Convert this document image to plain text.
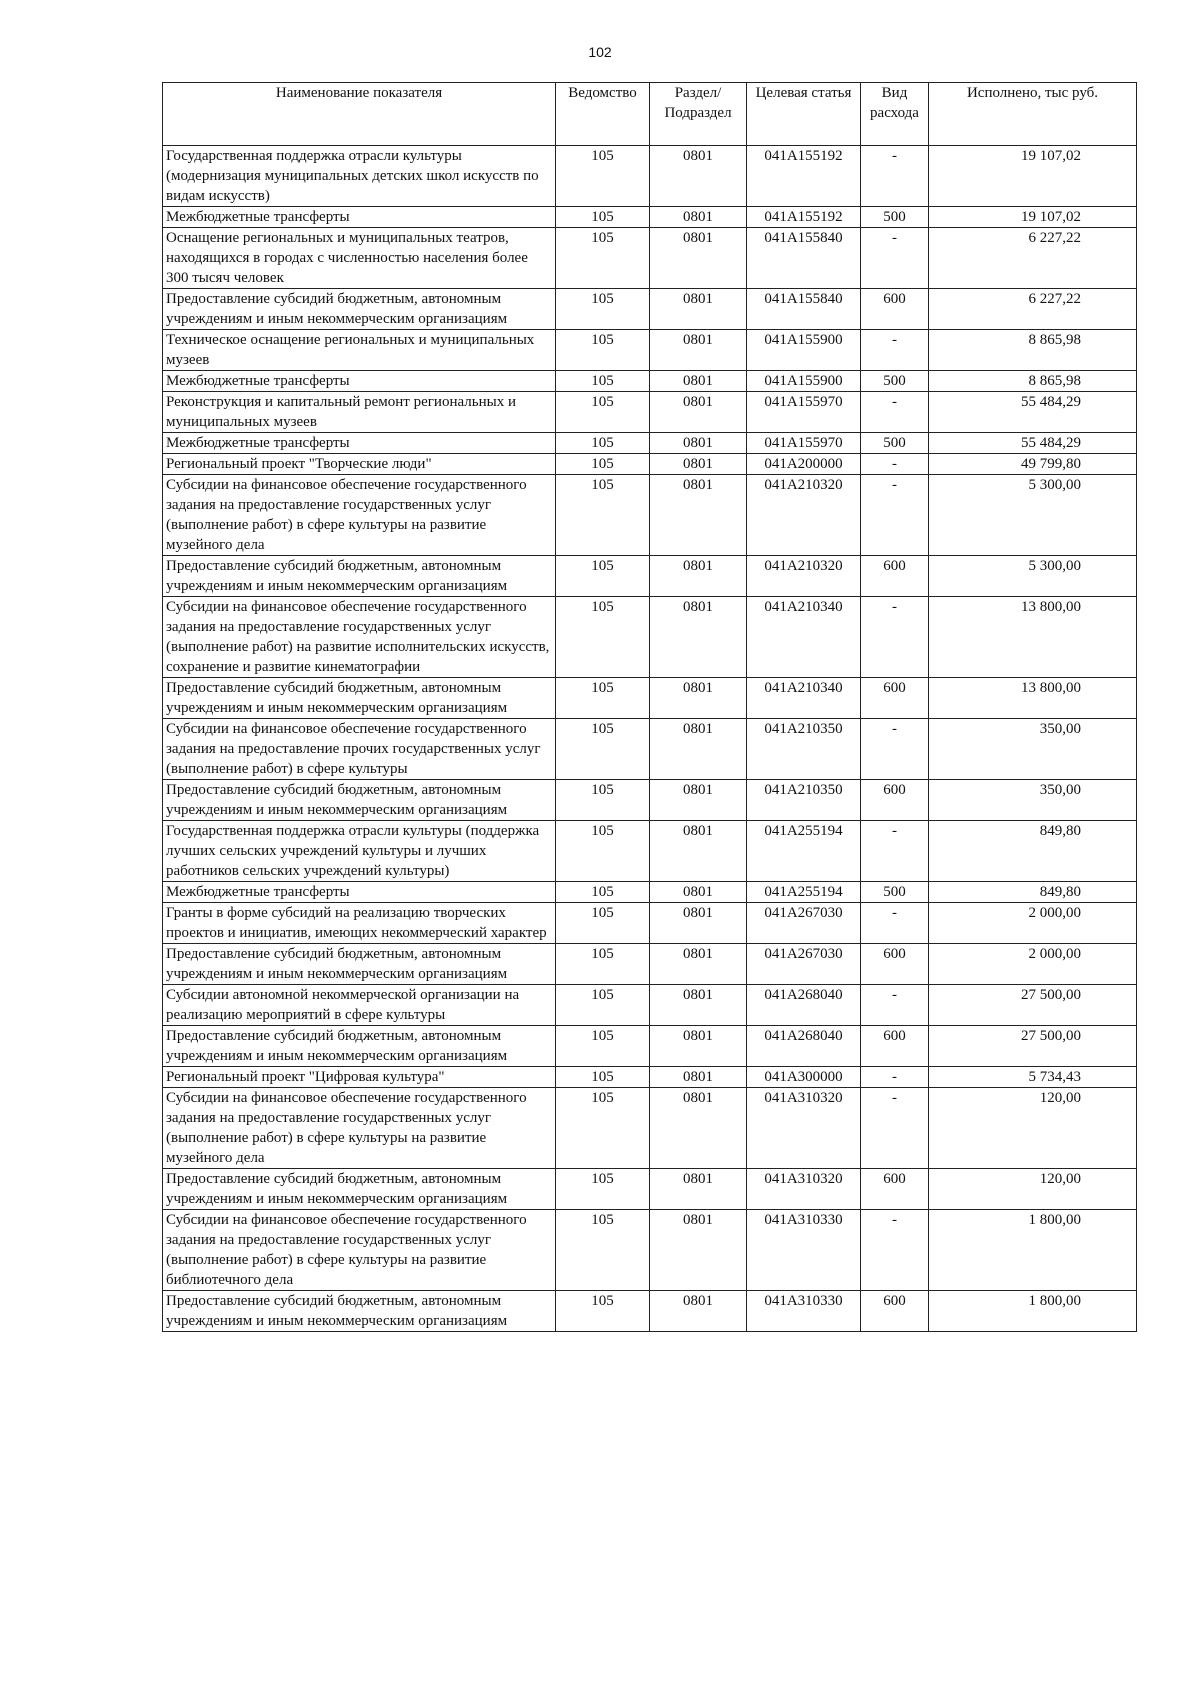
102
Наименование показателя	Ведомство	Раздел/ Подраздел	Целевая статья	Вид расхода	Исполнено, тыс руб.
Государственная поддержка отрасли культуры (модернизация муниципальных детских школ искусств по видам искусств)	105	0801	041А155192	-	19 107,02
Межбюджетные трансферты	105	0801	041А155192	500	19 107,02
Оснащение региональных и муниципальных театров, находящихся в городах с численностью населения более 300 тысяч человек	105	0801	041А155840	-	6 227,22
Предоставление субсидий бюджетным, автономным учреждениям и иным некоммерческим организациям	105	0801	041А155840	600	6 227,22
Техническое оснащение региональных и муниципальных музеев	105	0801	041А155900	-	8 865,98
Межбюджетные трансферты	105	0801	041А155900	500	8 865,98
Реконструкция и капитальный ремонт региональных и муниципальных музеев	105	0801	041А155970	-	55 484,29
Межбюджетные трансферты	105	0801	041А155970	500	55 484,29
Региональный проект "Творческие люди"	105	0801	041А200000	-	49 799,80
Субсидии на финансовое обеспечение государственного задания на предоставление государственных услуг (выполнение работ) в сфере культуры на развитие музейного дела	105	0801	041А210320	-	5 300,00
Предоставление субсидий бюджетным, автономным учреждениям и иным некоммерческим организациям	105	0801	041А210320	600	5 300,00
Субсидии на финансовое обеспечение государственного задания на предоставление государственных услуг (выполнение работ) на развитие исполнительских искусств, сохранение и развитие кинематографии	105	0801	041А210340	-	13 800,00
Предоставление субсидий бюджетным, автономным учреждениям и иным некоммерческим организациям	105	0801	041А210340	600	13 800,00
Субсидии на финансовое обеспечение государственного задания на предоставление прочих государственных услуг (выполнение работ) в сфере культуры	105	0801	041А210350	-	350,00
Предоставление субсидий бюджетным, автономным учреждениям и иным некоммерческим организациям	105	0801	041А210350	600	350,00
Государственная поддержка отрасли культуры (поддержка лучших сельских учреждений культуры и лучших работников сельских учреждений культуры)	105	0801	041А255194	-	849,80
Межбюджетные трансферты	105	0801	041А255194	500	849,80
Гранты в форме субсидий на реализацию творческих проектов и инициатив, имеющих некоммерческий характер	105	0801	041А267030	-	2 000,00
Предоставление субсидий бюджетным, автономным учреждениям и иным некоммерческим организациям	105	0801	041А267030	600	2 000,00
Субсидии автономной некоммерческой организации на реализацию мероприятий в сфере культуры	105	0801	041А268040	-	27 500,00
Предоставление субсидий бюджетным, автономным учреждениям и иным некоммерческим организациям	105	0801	041А268040	600	27 500,00
Региональный проект "Цифровая культура"	105	0801	041А300000	-	5 734,43
Субсидии на финансовое обеспечение государственного задания на предоставление государственных услуг (выполнение работ) в сфере культуры на развитие музейного дела	105	0801	041А310320	-	120,00
Предоставление субсидий бюджетным, автономным учреждениям и иным некоммерческим организациям	105	0801	041А310320	600	120,00
Субсидии на финансовое обеспечение государственного задания на предоставление государственных услуг (выполнение работ) в сфере культуры на развитие библиотечного дела	105	0801	041А310330	-	1 800,00
Предоставление субсидий бюджетным, автономным учреждениям и иным некоммерческим организациям	105	0801	041А310330	600	1 800,00
